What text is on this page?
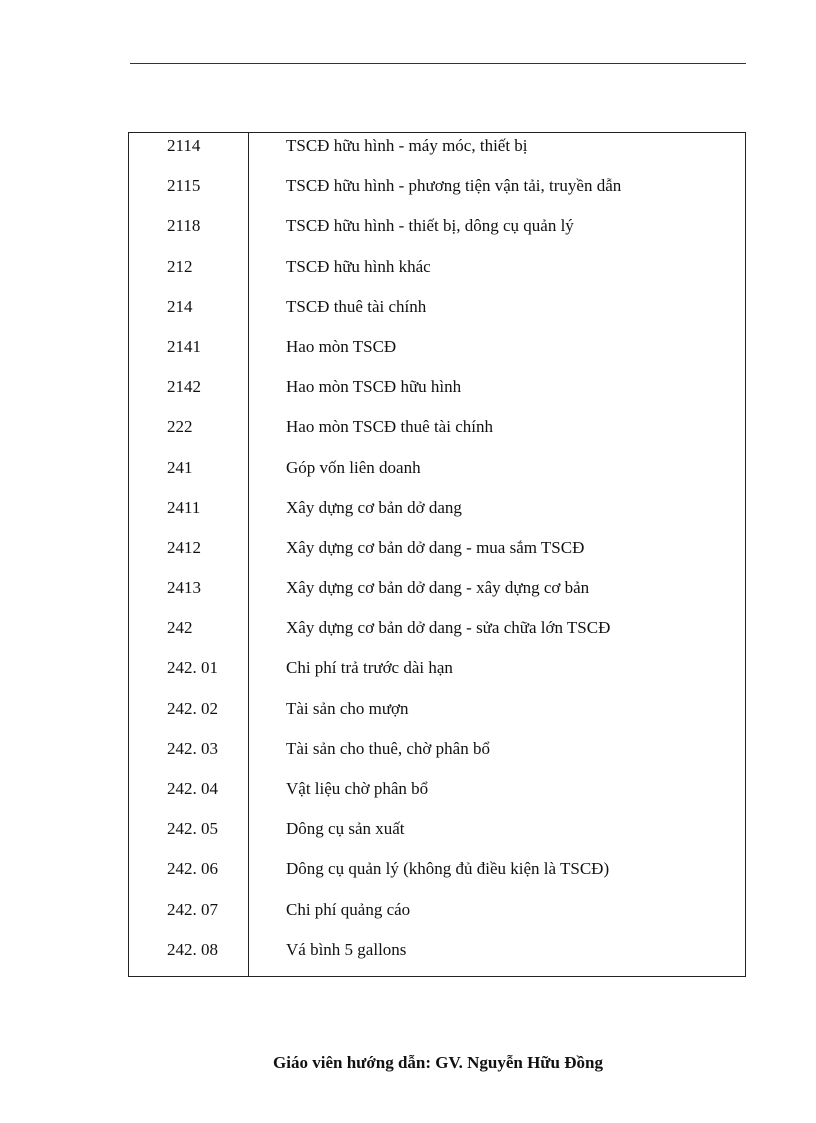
2114	TSCĐ hữu hình - máy móc, thiết bị
2115	TSCĐ hữu hình - phương tiện vận tải, truyền dẫn
2118	TSCĐ hữu hình - thiết bị, dông cụ quản lý
212	TSCĐ hữu hình khác
214	TSCĐ thuê tài chính
2141	Hao mòn TSCĐ
2142	Hao mòn TSCĐ hữu hình
222	Hao mòn TSCĐ thuê tài chính
241	Góp vốn liên doanh
2411	Xây dựng cơ bản dở dang
2412	Xây dựng cơ bản dở dang - mua sắm TSCĐ
2413	Xây dựng cơ bản dở dang - xây dựng cơ bản
242	Xây dựng cơ bản dở dang - sửa chữa lớn TSCĐ
242. 01	Chi phí trả trước dài hạn
242. 02	Tài sản cho mượn
242. 03	Tài sản cho thuê, chờ phân bổ
242. 04	Vật liệu chờ phân bổ
242. 05	Dông cụ sản xuất
242. 06	Dông cụ quản lý (không đủ điều kiện là TSCĐ)
242. 07	Chi phí quảng cáo
242. 08	Vá bình 5 gallons
Giáo viên hướng dẫn: GV. Nguyễn Hữu Đồng
